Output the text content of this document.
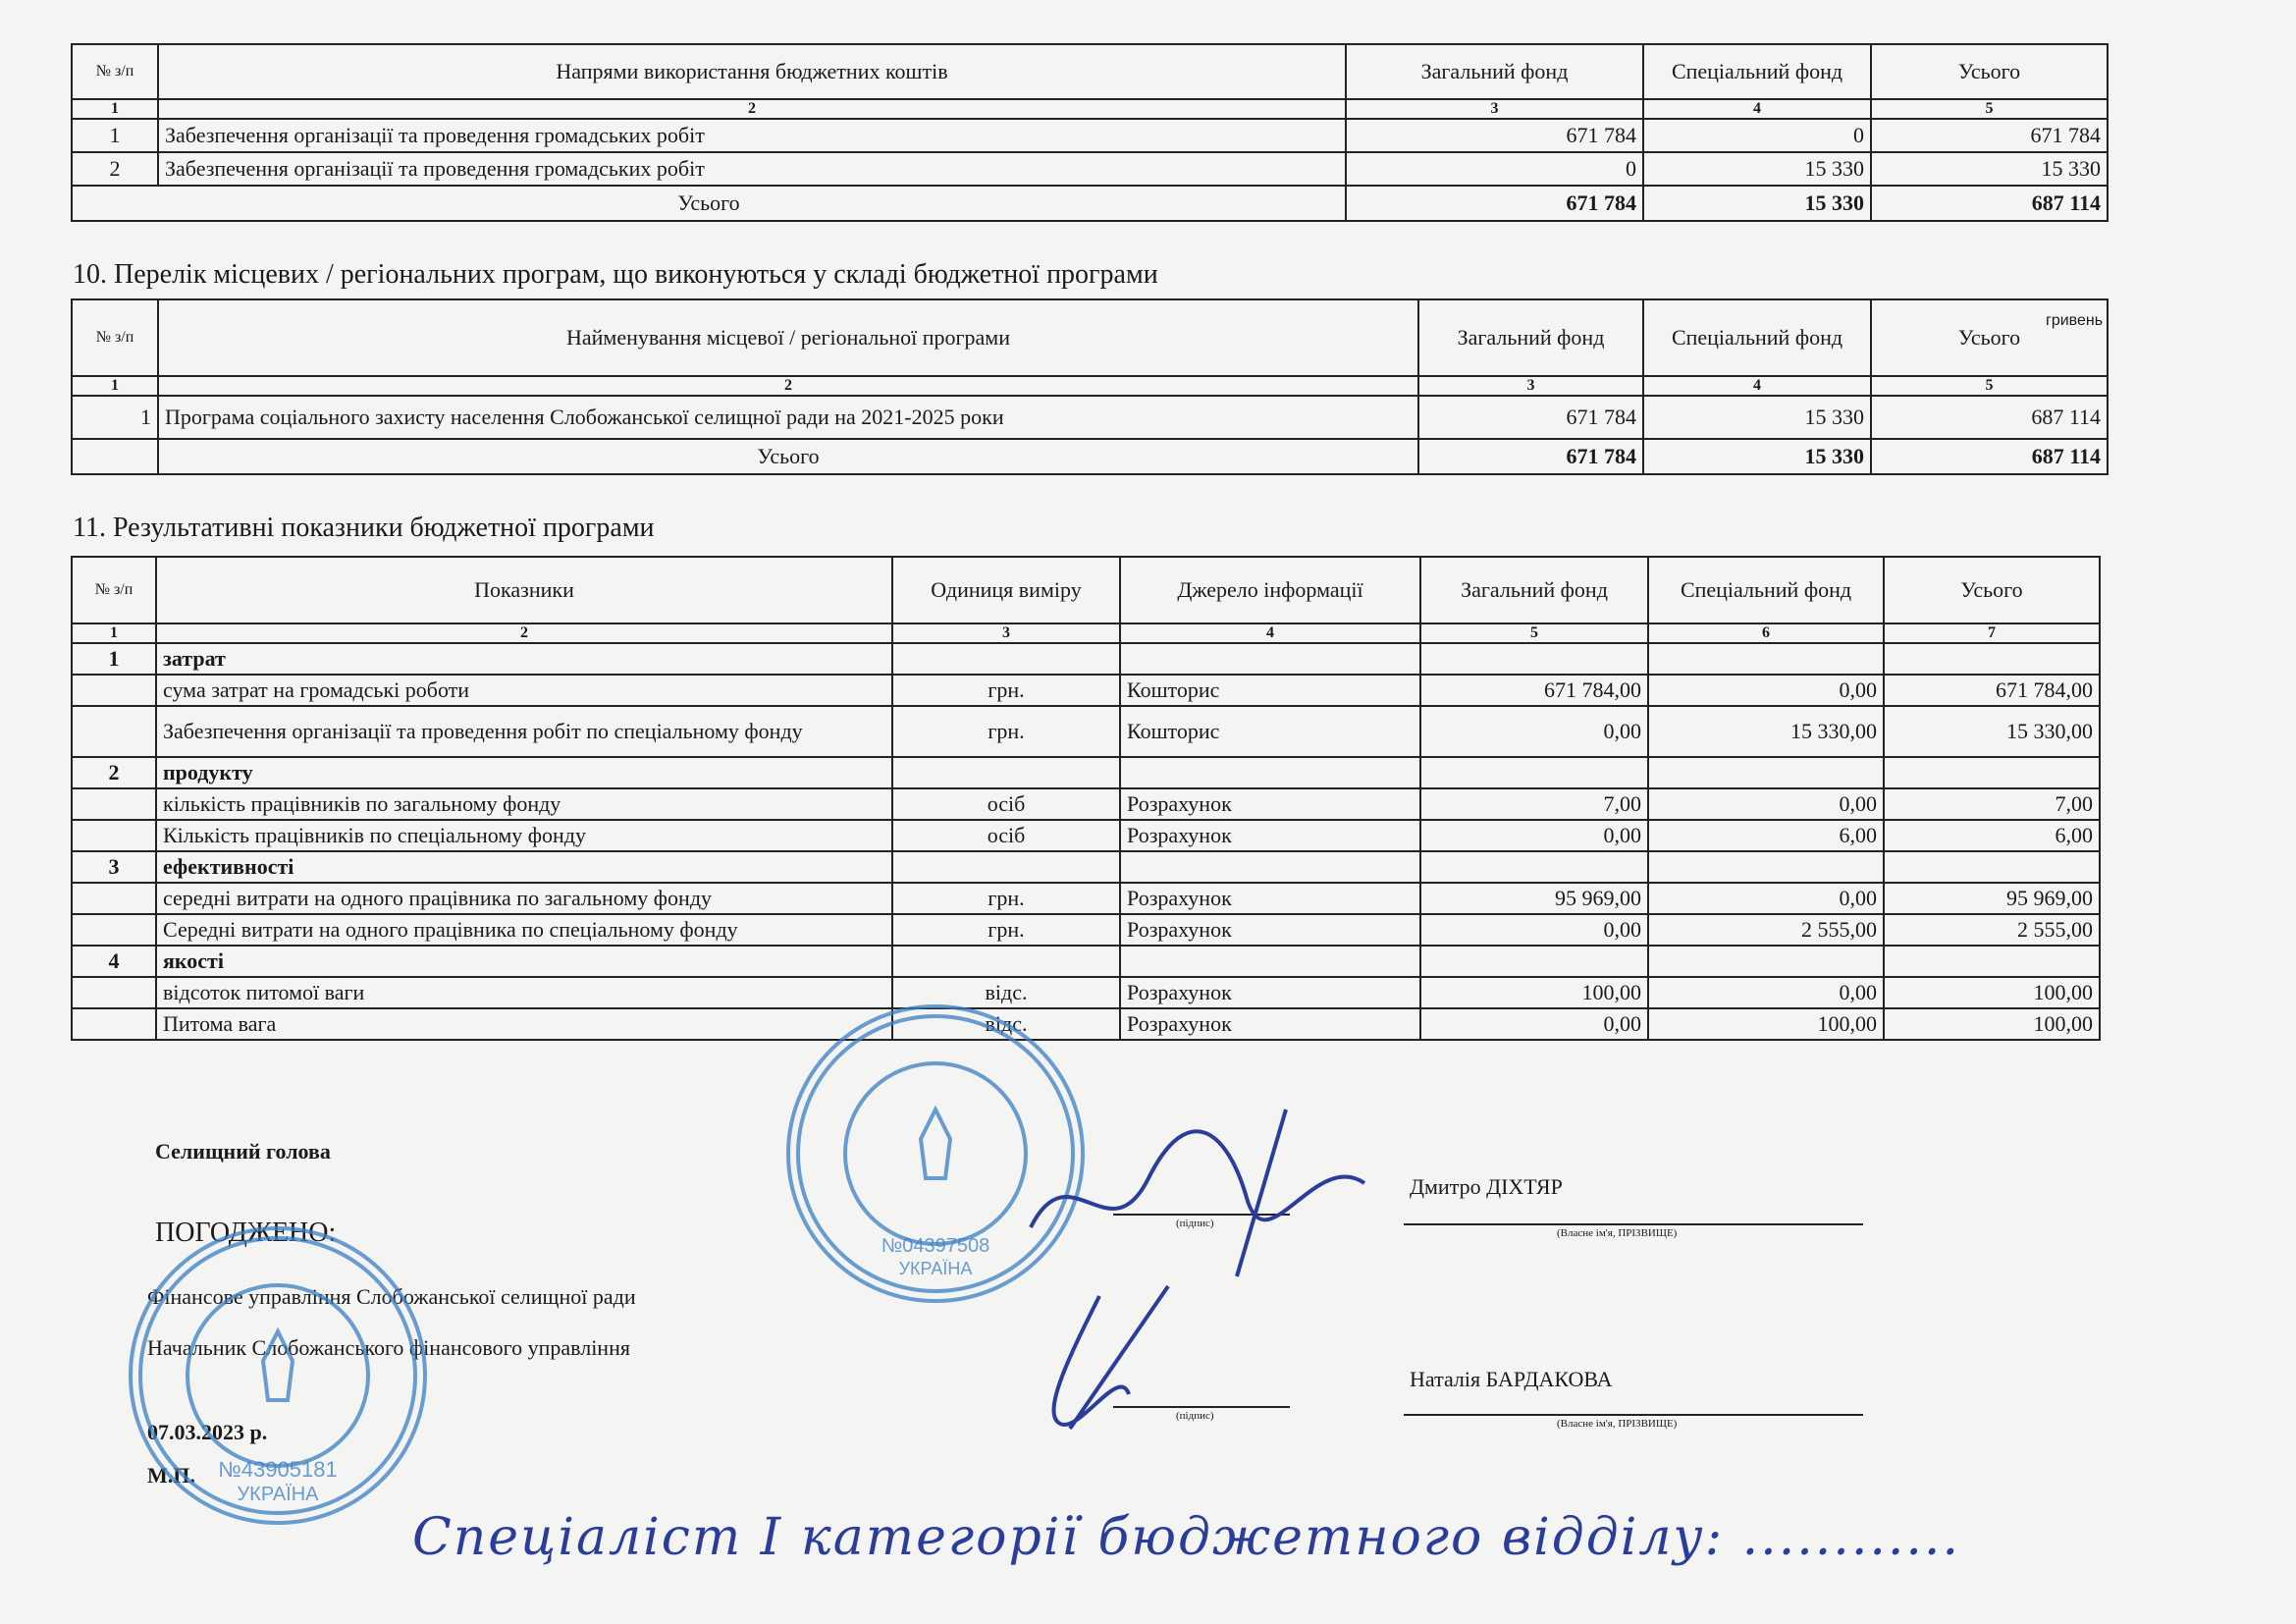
№ з/п	Напрями використання бюджетних коштів	Загальний фонд	Спеціальний фонд	Усього
1	2	3	4	5
1	Забезпечення організації та проведення громадських робіт	671 784	0	671 784
2	Забезпечення організації та проведення громадських робіт	0	15 330	15 330
Усього		671 784	15 330	687 114
10. Перелік місцевих / регіональних програм, що виконуються у складі бюджетної програми
гривень
№ з/п	Найменування місцевої / регіональної програми	Загальний фонд	Спеціальний фонд	Усього
1	2	3	4	5
1	Програма соціального захисту населення Слобожанської селищної ради на 2021-2025 роки	671 784	15 330	687 114
	Усього	671 784	15 330	687 114
11. Результативні показники бюджетної програми
№ з/п	Показники	Одиниця виміру	Джерело інформації	Загальний фонд	Спеціальний фонд	Усього
1	2	3	4	5	6	7
1	затрат					
	сума затрат на громадські роботи	грн.	Кошторис	671 784,00	0,00	671 784,00
	Забезпечення організації та проведення робіт по спеціальному фонду	грн.	Кошторис	0,00	15 330,00	15 330,00
2	продукту					
	кількість працівників по загальному фонду	осіб	Розрахунок	7,00	0,00	7,00
	Кількість працівників по спеціальному фонду	осіб	Розрахунок	0,00	6,00	6,00
3	ефективності					
	середні витрати на одного працівника по загальному фонду	грн.	Розрахунок	95 969,00	0,00	95 969,00
	Середні витрати на одного працівника по спеціальному фонду	грн.	Розрахунок	0,00	2 555,00	2 555,00
4	якості					
	відсоток питомої ваги	відс.	Розрахунок	100,00	0,00	100,00
	Питома вага	відс.	Розрахунок	0,00	100,00	100,00
Селищний голова
(підпис)
Дмитро ДІХТЯР
(Власне ім'я, ПРІЗВИЩЕ)
ПОГОДЖЕНО:
Фінансове управління Слобожанської селищної ради
Начальник Слобожанського фінансового управління
(підпис)
Наталія БАРДАКОВА
(Власне ім'я, ПРІЗВИЩЕ)
07.03.2023 р.
М.П.
№04397508
УКРАЇНА
№43905181
УКРАЇНА
Спеціаліст І категорії бюджетного відділу: ............
